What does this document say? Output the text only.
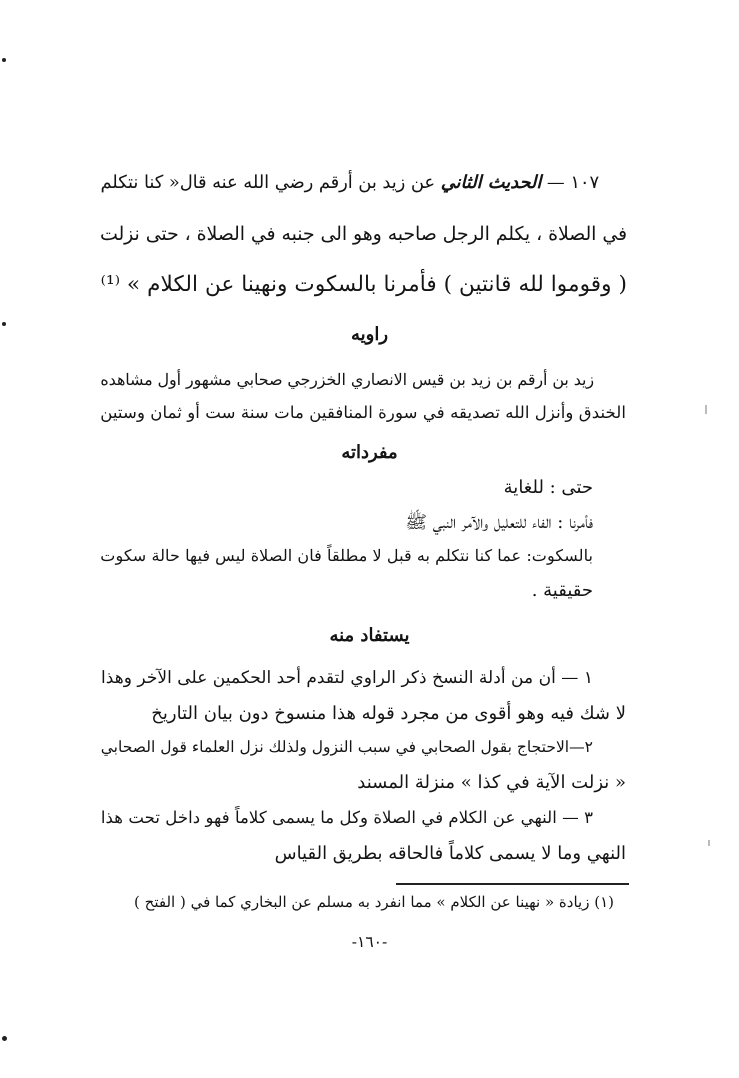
١٠٧ — الحديث الثاني عن زيد بن أرقم رضي الله عنه قال« كنا نتكلم
في الصلاة ، يكلم الرجل صاحبه وهو الى جنبه في الصلاة ، حتى نزلت
( وقوموا لله قانتين ) فأمرنا بالسكوت ونهينا عن الكلام » ⁽¹⁾
راويه
زيد بن أرقم بن زيد بن قيس الانصاري الخزرجي صحابي مشهور أول مشاهده
الخندق وأنزل الله تصديقه في سورة المنافقين مات سنة ست أو ثمان وستين
مفرداته
حتى : للغاية
فأمرنا : الفاء للتعليل والآمر النبي ﷺ
بالسكوت: عما كنا نتكلم به قبل لا مطلقاً فان الصلاة ليس فيها حالة سكوت
حقيقية .
يستفاد منه
١ — أن من أدلة النسخ ذكر الراوي لتقدم أحد الحكمين على الآخر وهذا
لا شك فيه وهو أقوى من مجرد قوله هذا منسوخ دون بيان التاريخ
٢—الاحتجاج بقول الصحابي في سبب النزول ولذلك نزل العلماء قول الصحابي
« نزلت الآية في كذا » منزلة المسند
٣ — النهي عن الكلام في الصلاة وكل ما يسمى كلاماً فهو داخل تحت هذا
النهي وما لا يسمى كلاماً فالحاقه بطريق القياس
(١) زيادة « نهينا عن الكلام » مما انفرد به مسلم عن البخاري كما في ( الفتح )
-١٦٠-
